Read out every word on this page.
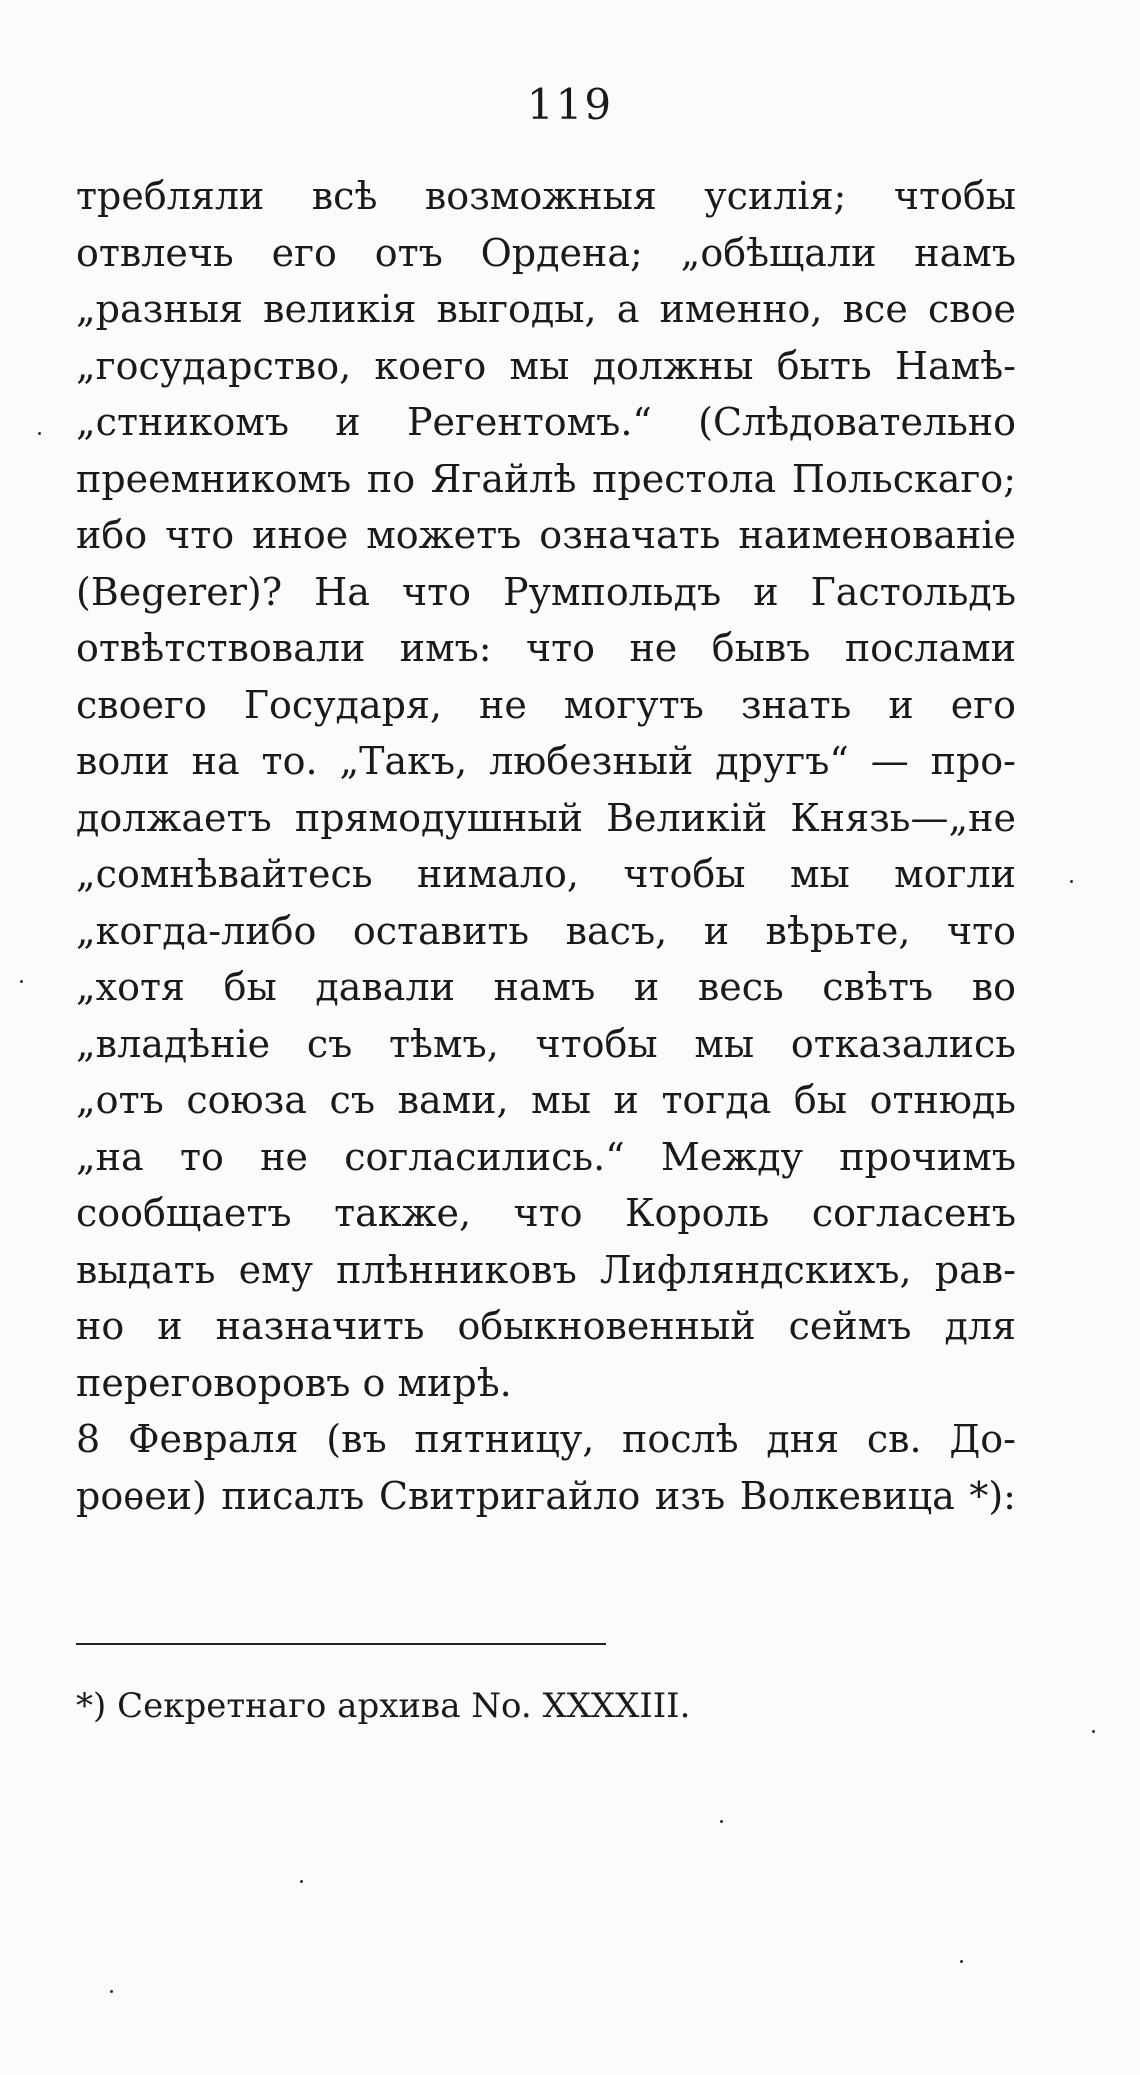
119
требляли всѣ возможныя усилія; чтобы
отвлечь его отъ Ордена; „обѣщали намъ
„разныя великія выгоды, а именно, все свое
„государство, коего мы должны быть Намѣ-
„стникомъ и Регентомъ.“ (Слѣдовательно
преемникомъ по Ягайлѣ престола Польскаго;
ибо что иное можетъ означать наименованіе
(Begerer)? На что Румпольдъ и Гастольдъ
отвѣтствовали имъ: что не бывъ послами
своего Государя, не могутъ знать и его
воли на то. „Такъ, любезный другъ“ — про-
должаетъ прямодушный Великій Князь—„не
„сомнѣвайтесь нимало, чтобы мы могли
„когда-либо оставить васъ, и вѣрьте, что
„хотя бы давали намъ и весь свѣтъ во
„владѣніе съ тѣмъ, чтобы мы отказались
„отъ союза съ вами, мы и тогда бы отнюдь
„на то не согласились.“ Между прочимъ
сообщаетъ также, что Король согласенъ
выдать ему плѣнниковъ Лифляндскихъ, рав-
но и назначить обыкновенный сеймъ для
переговоровъ о мирѣ.
8 Февраля (въ пятницу, послѣ дня св. До-
роѳеи) писалъ Свитригайло изъ Волкевица *):
*) Секретнаго архива No. XXXXIII.
